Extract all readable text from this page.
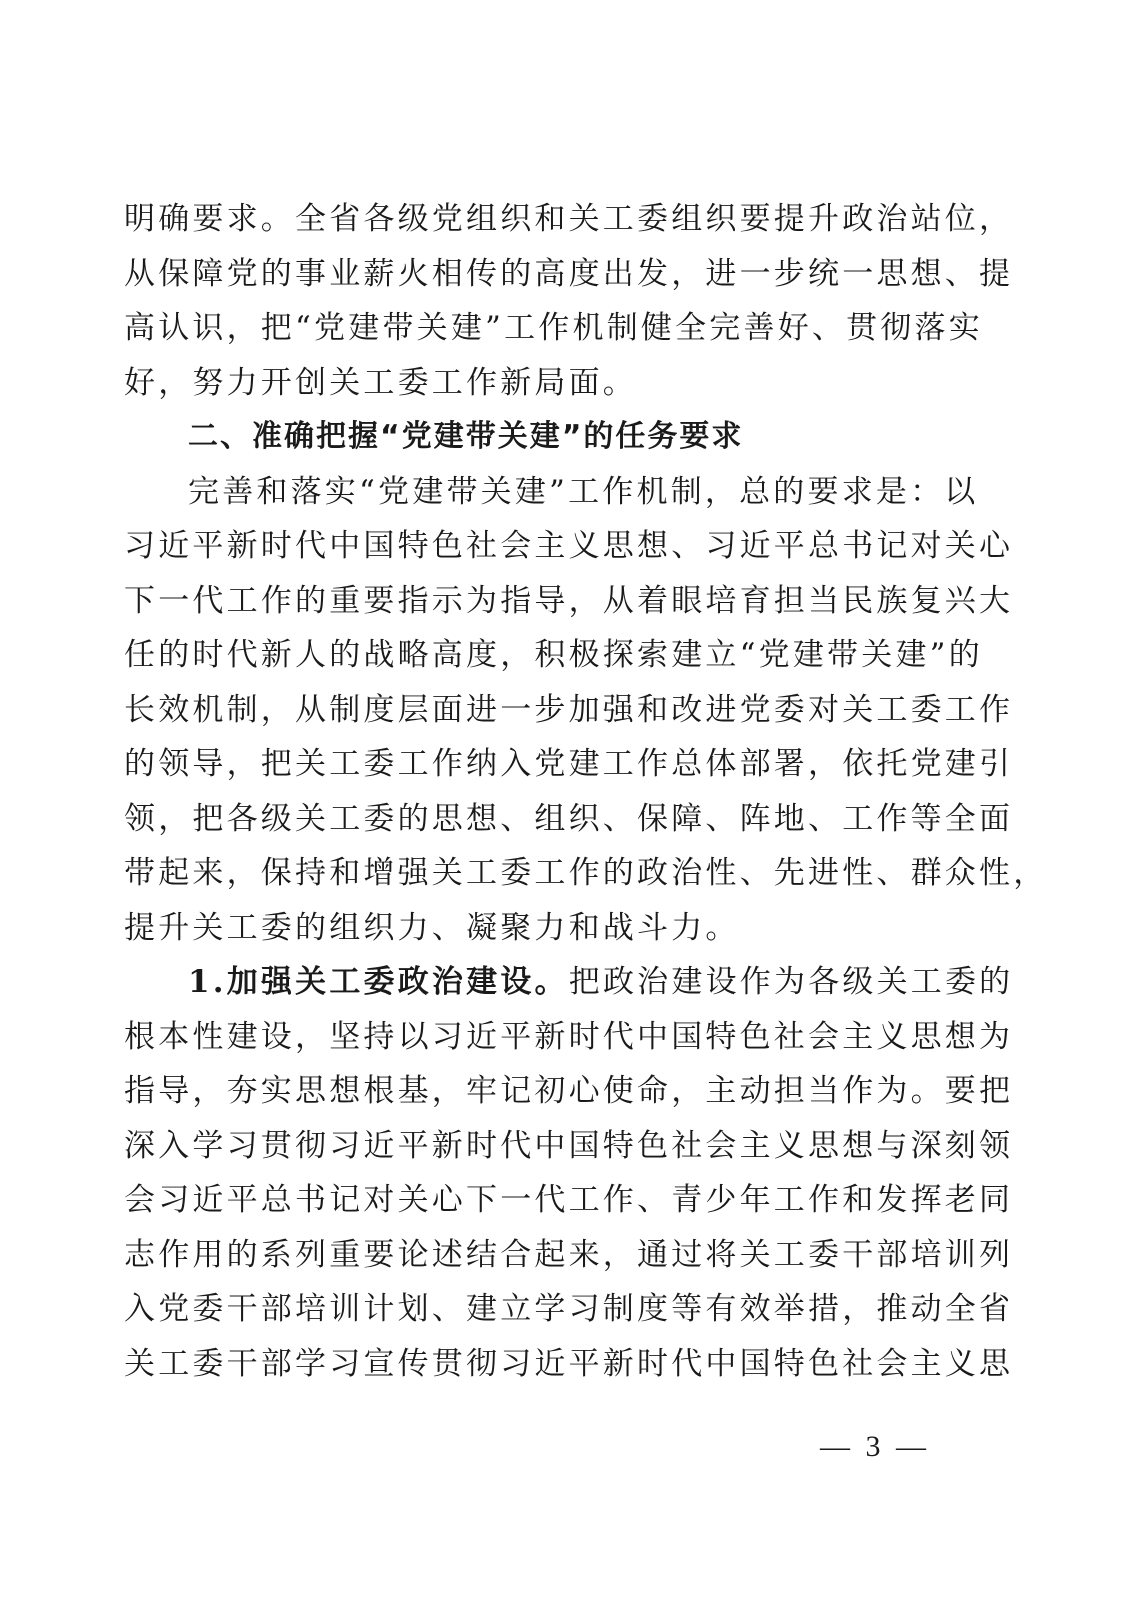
明确要求。全省各级党组织和关工委组织要提升政治站位，
从保障党的事业薪火相传的高度出发，进一步统一思想、提
高认识，把“党建带关建”工作机制健全完善好、贯彻落实
好，努力开创关工委工作新局面。
二、准确把握“党建带关建”的任务要求
完善和落实“党建带关建”工作机制，总的要求是：以
习近平新时代中国特色社会主义思想、习近平总书记对关心
下一代工作的重要指示为指导，从着眼培育担当民族复兴大
任的时代新人的战略高度，积极探索建立“党建带关建”的
长效机制，从制度层面进一步加强和改进党委对关工委工作
的领导，把关工委工作纳入党建工作总体部署，依托党建引
领，把各级关工委的思想、组织、保障、阵地、工作等全面
带起来，保持和增强关工委工作的政治性、先进性、群众性，
提升关工委的组织力、凝聚力和战斗力。
1.加强关工委政治建设。把政治建设作为各级关工委的
根本性建设，坚持以习近平新时代中国特色社会主义思想为
指导，夯实思想根基，牢记初心使命，主动担当作为。要把
深入学习贯彻习近平新时代中国特色社会主义思想与深刻领
会习近平总书记对关心下一代工作、青少年工作和发挥老同
志作用的系列重要论述结合起来，通过将关工委干部培训列
入党委干部培训计划、建立学习制度等有效举措，推动全省
关工委干部学习宣传贯彻习近平新时代中国特色社会主义思
— 3 —
